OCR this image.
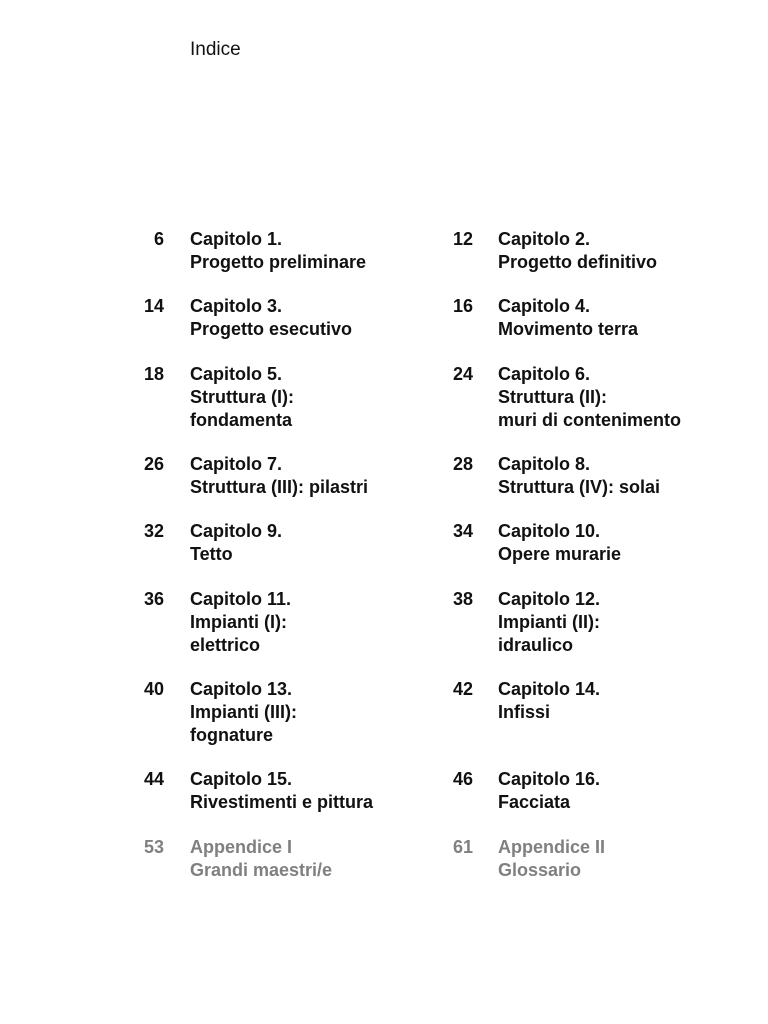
Indice
6 Capitolo 1.
Progetto preliminare
12 Capitolo 2.
Progetto definitivo
14 Capitolo 3.
Progetto esecutivo
16 Capitolo 4.
Movimento terra
18 Capitolo 5.
Struttura (I):
fondamenta
24 Capitolo 6.
Struttura (II):
muri di contenimento
26 Capitolo 7.
Struttura (III): pilastri
28 Capitolo 8.
Struttura (IV): solai
32 Capitolo 9.
Tetto
34 Capitolo 10.
Opere murarie
36 Capitolo 11.
Impianti (I):
elettrico
38 Capitolo 12.
Impianti (II):
idraulico
40 Capitolo 13.
Impianti (III):
fognature
42 Capitolo 14.
Infissi
44 Capitolo 15.
Rivestimenti e pittura
46 Capitolo 16.
Facciata
53 Appendice I
Grandi maestri/e
61 Appendice II
Glossario
